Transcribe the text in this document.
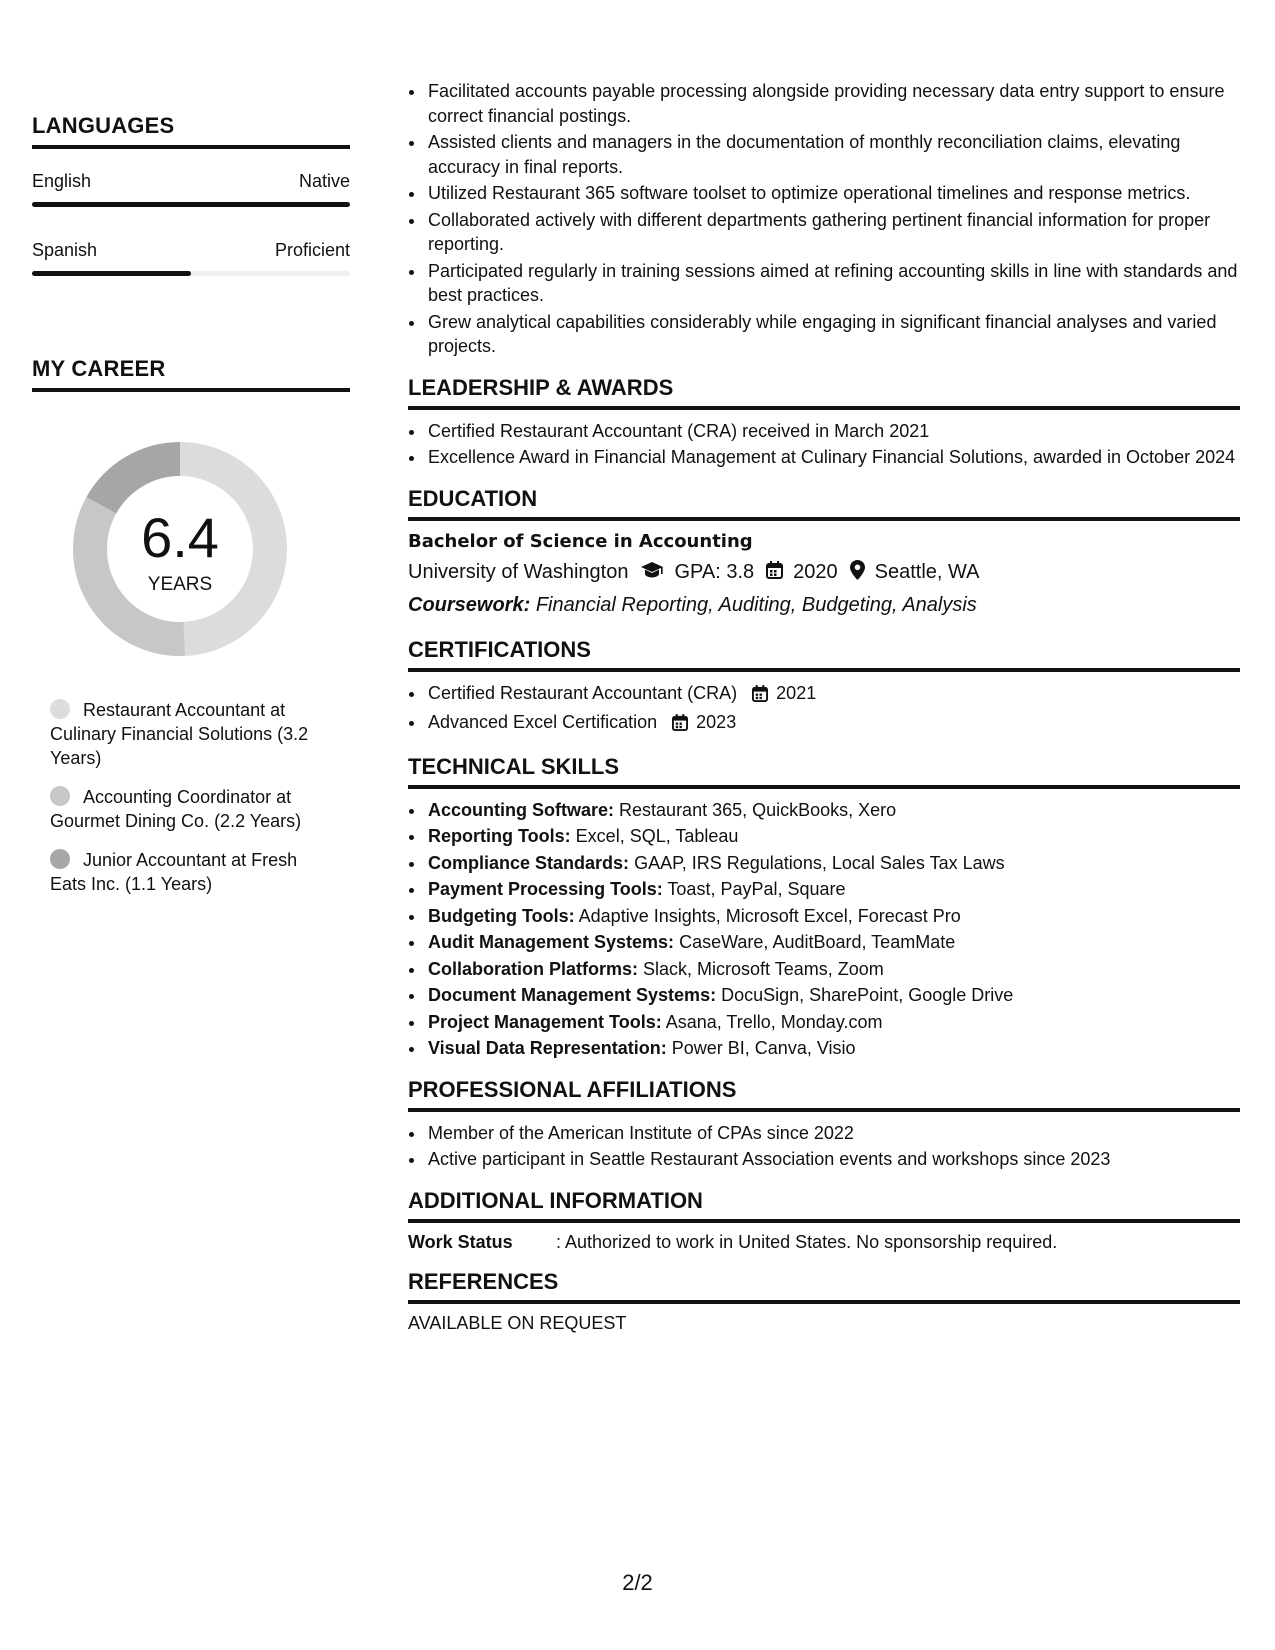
LANGUAGES
English	Native
Spanish	Proficient
MY CAREER
6.4
YEARS
Restaurant Accountant at Culinary Financial Solutions (3.2 Years)
Accounting Coordinator at Gourmet Dining Co. (2.2 Years)
Junior Accountant at Fresh Eats Inc. (1.1 Years)
• Facilitated accounts payable processing alongside providing necessary data entry support to ensure correct financial postings.
• Assisted clients and managers in the documentation of monthly reconciliation claims, elevating accuracy in final reports.
• Utilized Restaurant 365 software toolset to optimize operational timelines and response metrics.
• Collaborated actively with different departments gathering pertinent financial information for proper reporting.
• Participated regularly in training sessions aimed at refining accounting skills in line with standards and best practices.
• Grew analytical capabilities considerably while engaging in significant financial analyses and varied projects.
LEADERSHIP & AWARDS
• Certified Restaurant Accountant (CRA) received in March 2021
• Excellence Award in Financial Management at Culinary Financial Solutions, awarded in October 2024
EDUCATION
Bachelor of Science in Accounting
University of Washington GPA: 3.8 2020 Seattle, WA
Coursework: Financial Reporting, Auditing, Budgeting, Analysis
CERTIFICATIONS
• Certified Restaurant Accountant (CRA) 2021
• Advanced Excel Certification 2023
TECHNICAL SKILLS
• Accounting Software: Restaurant 365, QuickBooks, Xero
• Reporting Tools: Excel, SQL, Tableau
• Compliance Standards: GAAP, IRS Regulations, Local Sales Tax Laws
• Payment Processing Tools: Toast, PayPal, Square
• Budgeting Tools: Adaptive Insights, Microsoft Excel, Forecast Pro
• Audit Management Systems: CaseWare, AuditBoard, TeamMate
• Collaboration Platforms: Slack, Microsoft Teams, Zoom
• Document Management Systems: DocuSign, SharePoint, Google Drive
• Project Management Tools: Asana, Trello, Monday.com
• Visual Data Representation: Power BI, Canva, Visio
PROFESSIONAL AFFILIATIONS
• Member of the American Institute of CPAs since 2022
• Active participant in Seattle Restaurant Association events and workshops since 2023
ADDITIONAL INFORMATION
Work Status	: Authorized to work in United States. No sponsorship required.
REFERENCES
AVAILABLE ON REQUEST
2/2
